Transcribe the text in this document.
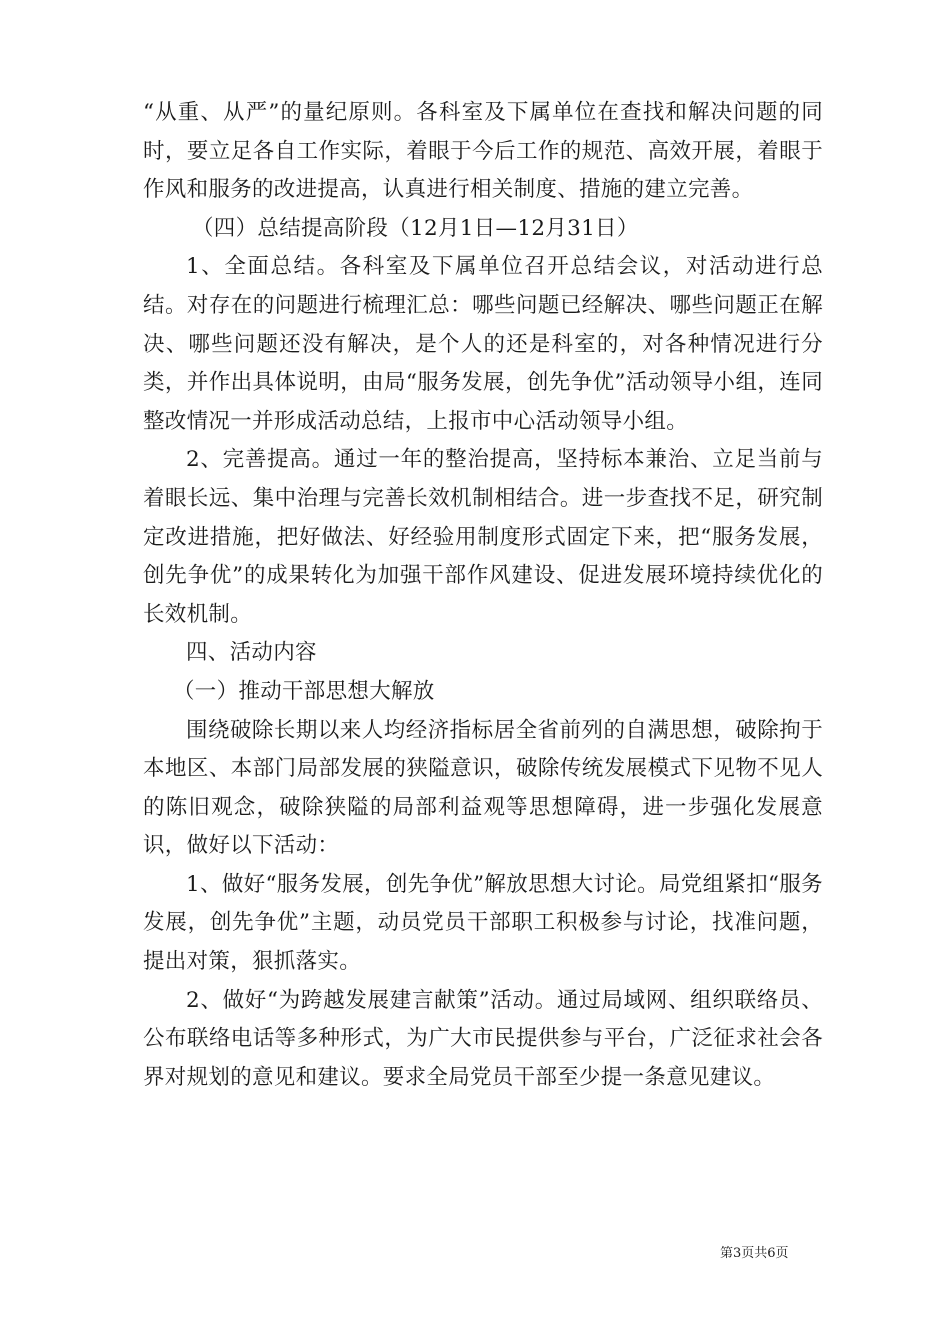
“从重、从严”的量纪原则。各科室及下属单位在查找和解决问题的同时，要立足各自工作实际，着眼于今后工作的规范、高效开展，着眼于作风和服务的改进提高，认真进行相关制度、措施的建立完善。

（四）总结提高阶段（12月1日—12月31日）

1、全面总结。各科室及下属单位召开总结会议，对活动进行总结。对存在的问题进行梳理汇总：哪些问题已经解决、哪些问题正在解决、哪些问题还没有解决，是个人的还是科室的，对各种情况进行分类，并作出具体说明，由局“服务发展，创先争优”活动领导小组，连同整改情况一并形成活动总结，上报市中心活动领导小组。

2、完善提高。通过一年的整治提高，坚持标本兼治、立足当前与着眼长远、集中治理与完善长效机制相结合。进一步查找不足，研究制定改进措施，把好做法、好经验用制度形式固定下来，把“服务发展，创先争优”的成果转化为加强干部作风建设、促进发展环境持续优化的长效机制。

四、活动内容

（一）推动干部思想大解放

围绕破除长期以来人均经济指标居全省前列的自满思想，破除拘于本地区、本部门局部发展的狭隘意识，破除传统发展模式下见物不见人的陈旧观念，破除狭隘的局部利益观等思想障碍，进一步强化发展意识，做好以下活动：

1、做好“服务发展，创先争优”解放思想大讨论。局党组紧扣“服务发展，创先争优”主题，动员党员干部职工积极参与讨论，找准问题，提出对策，狠抓落实。

2、做好“为跨越发展建言献策”活动。通过局域网、组织联络员、公布联络电话等多种形式，为广大市民提供参与平台，广泛征求社会各界对规划的意见和建议。要求全局党员干部至少提一条意见建议。

第3页共6页
